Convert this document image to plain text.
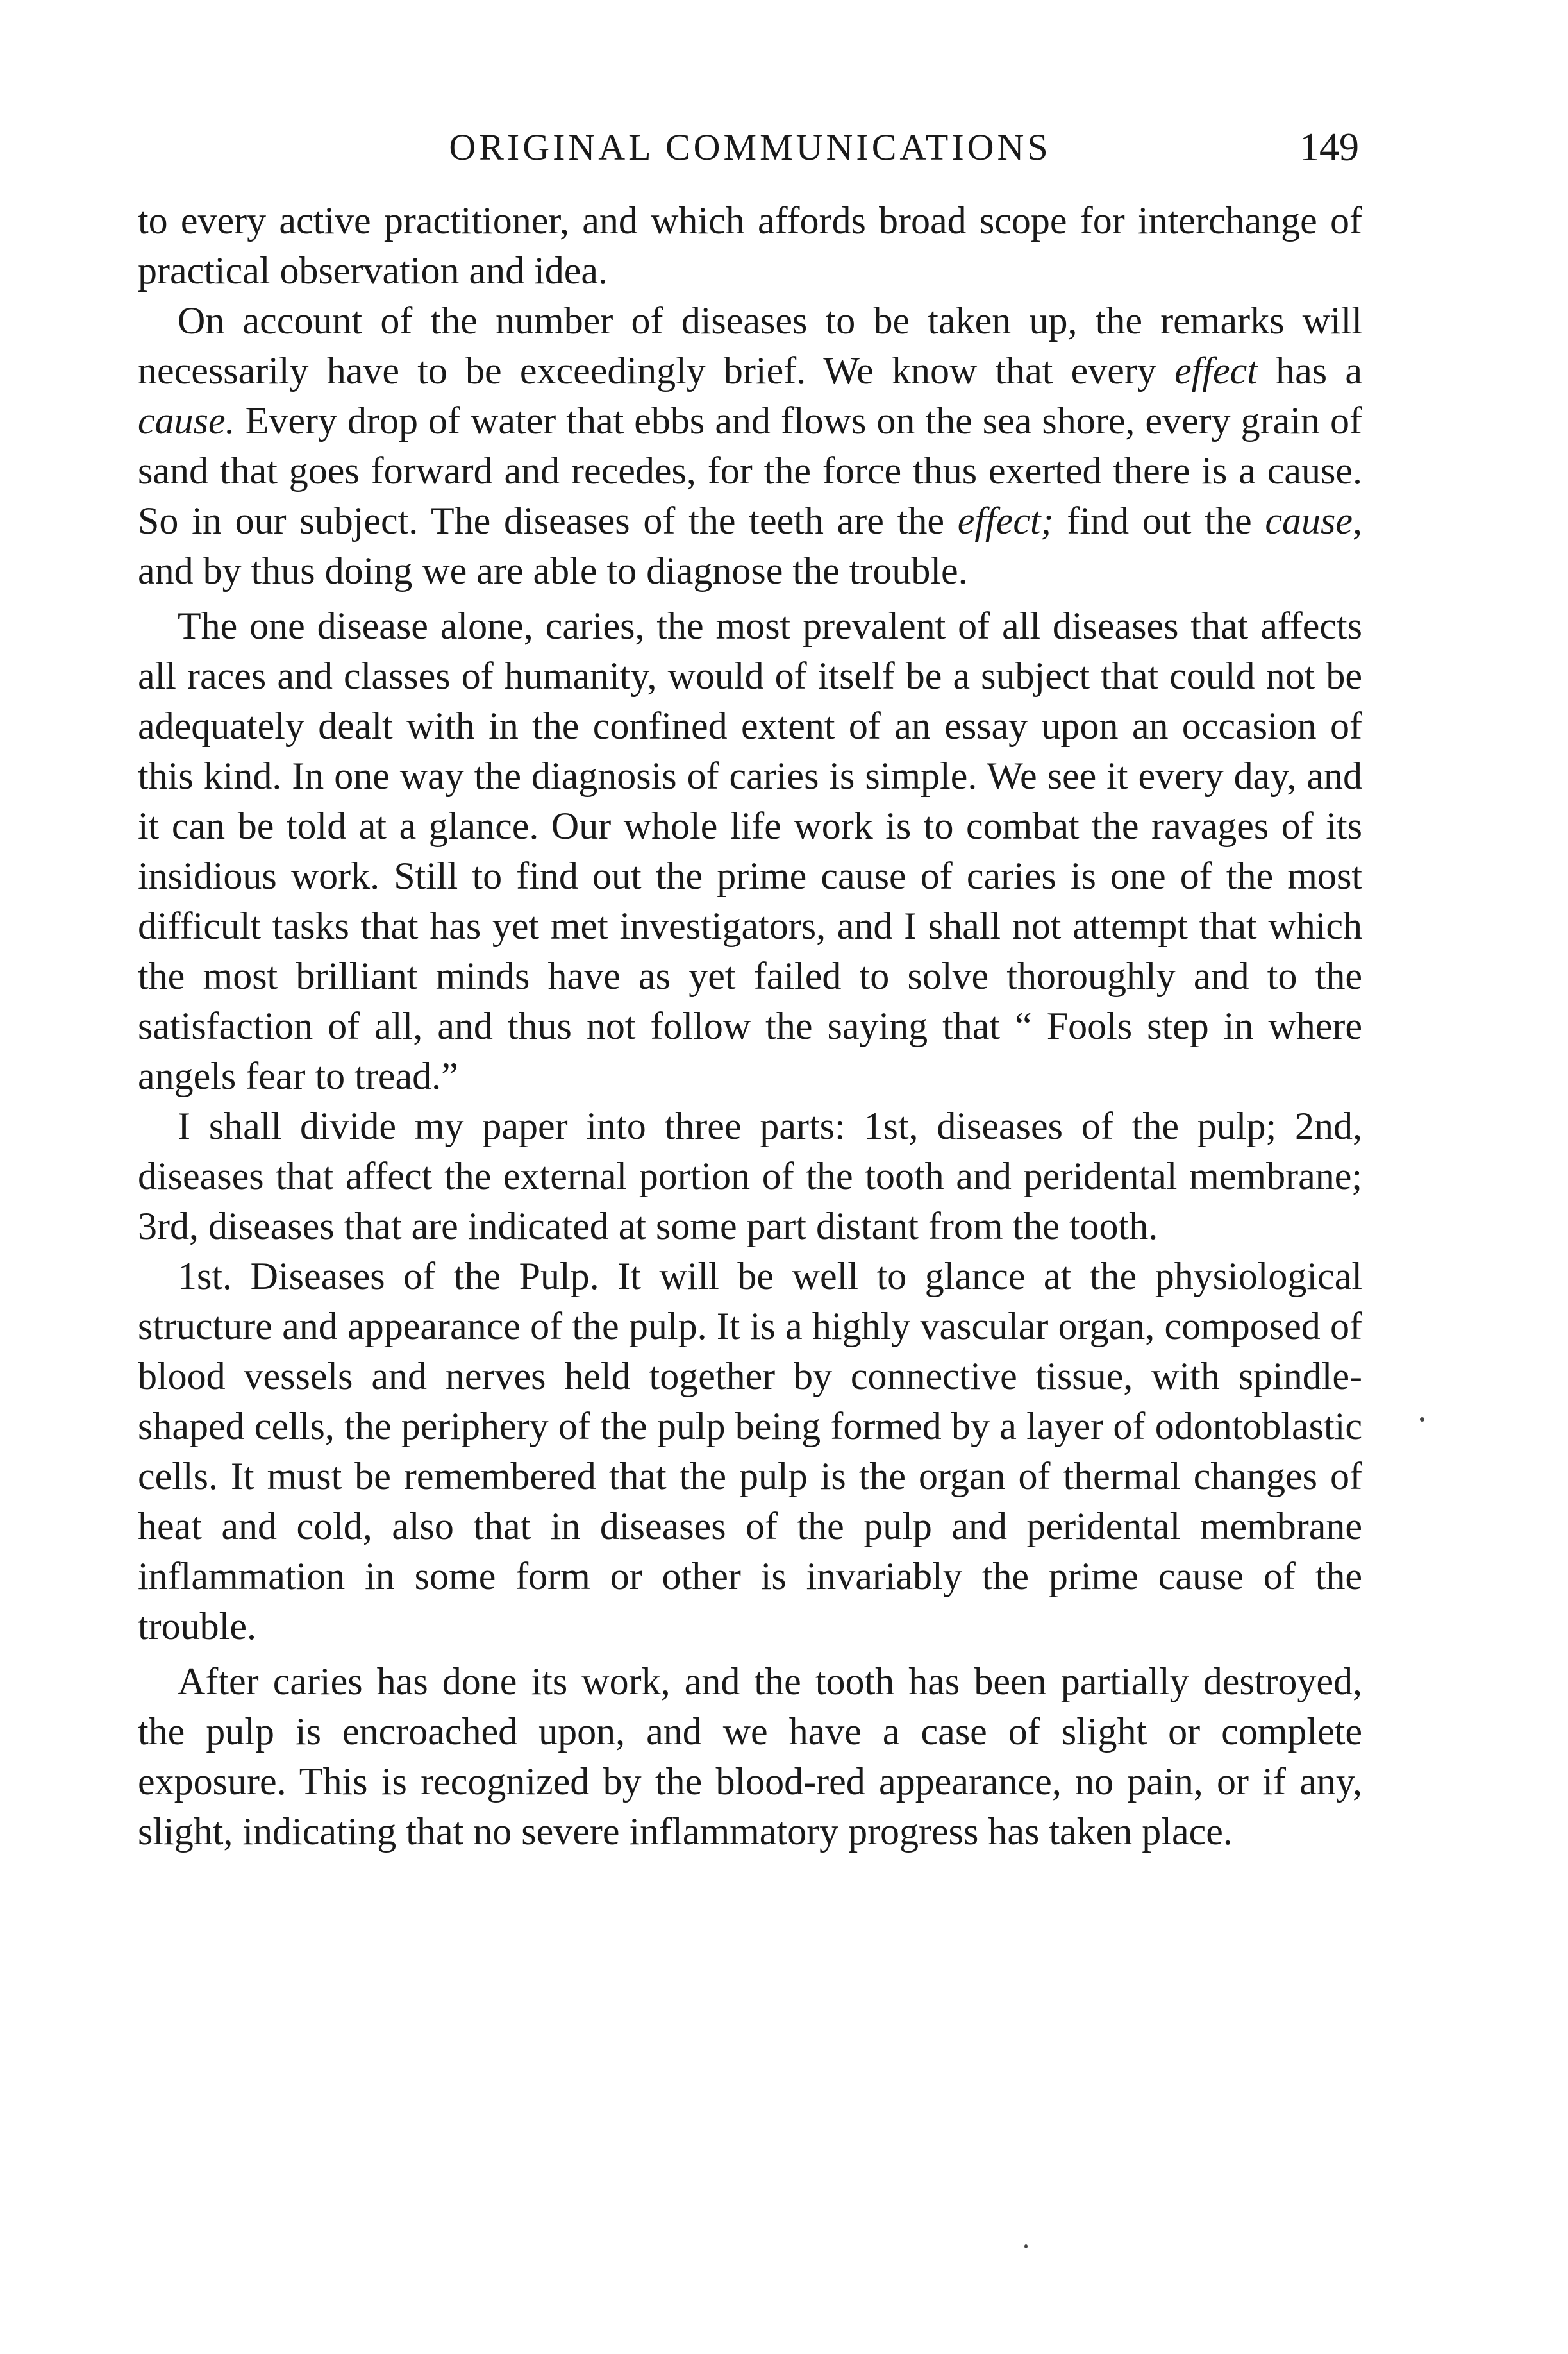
ORIGINAL COMMUNICATIONS	149

to every active practitioner, and which affords broad scope for interchange of practical observation and idea.

On account of the number of diseases to be taken up, the remarks will necessarily have to be exceedingly brief. We know that every effect has a cause. Every drop of water that ebbs and flows on the sea shore, every grain of sand that goes forward and recedes, for the force thus exerted there is a cause. So in our subject. The diseases of the teeth are the effect; find out the cause, and by thus doing we are able to diagnose the trouble.

The one disease alone, caries, the most prevalent of all diseases that affects all races and classes of humanity, would of itself be a subject that could not be adequately dealt with in the confined extent of an essay upon an occasion of this kind. In one way the diagnosis of caries is simple. We see it every day, and it can be told at a glance. Our whole life work is to combat the ravages of its insidious work. Still to find out the prime cause of caries is one of the most difficult tasks that has yet met investigators, and I shall not attempt that which the most brilliant minds have as yet failed to solve thoroughly and to the satisfaction of all, and thus not follow the saying that “ Fools step in where angels fear to tread.”

I shall divide my paper into three parts: 1st, diseases of the pulp; 2nd, diseases that affect the external portion of the tooth and peridental membrane; 3rd, diseases that are indicated at some part distant from the tooth.

1st. Diseases of the Pulp. It will be well to glance at the physiological structure and appearance of the pulp. It is a highly vascular organ, composed of blood vessels and nerves held together by connective tissue, with spindle-shaped cells, the periphery of the pulp being formed by a layer of odontoblastic cells. It must be remembered that the pulp is the organ of thermal changes of heat and cold, also that in diseases of the pulp and peridental membrane inflammation in some form or other is invariably the prime cause of the trouble.

After caries has done its work, and the tooth has been partially destroyed, the pulp is encroached upon, and we have a case of slight or complete exposure. This is recognized by the blood-red appearance, no pain, or if any, slight, indicating that no severe inflammatory progress has taken place.
